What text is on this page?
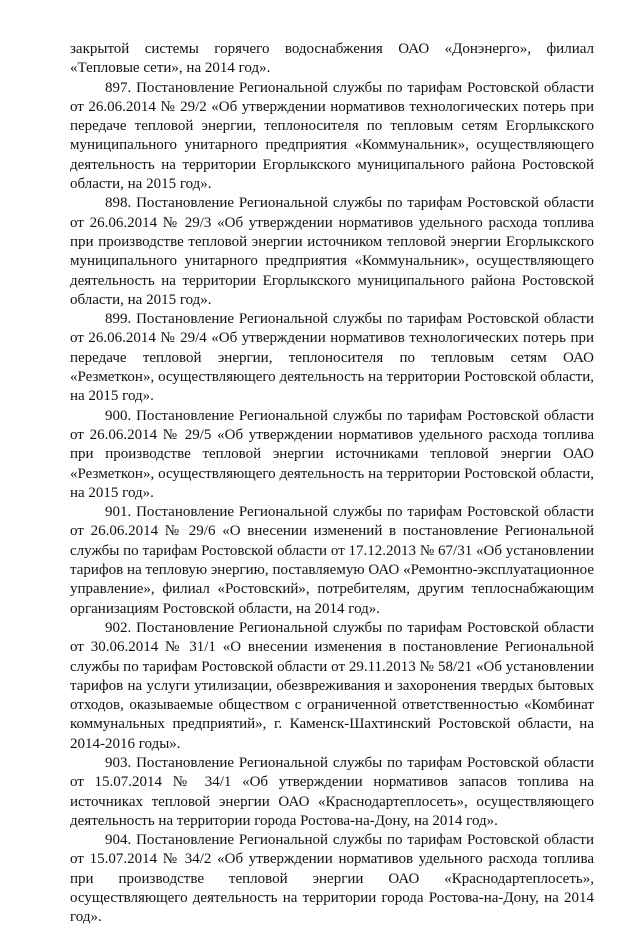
закрытой системы горячего водоснабжения ОАО «Донэнерго», филиал «Тепловые сети», на 2014 год».

897. Постановление Региональной службы по тарифам Ростовской области от 26.06.2014 № 29/2 «Об утверждении нормативов технологических потерь при передаче тепловой энергии, теплоносителя по тепловым сетям Егорлыкского муниципального унитарного предприятия «Коммунальник», осуществляющего деятельность на территории Егорлыкского муниципального района Ростовской области, на 2015 год».

898. Постановление Региональной службы по тарифам Ростовской области от 26.06.2014 № 29/3 «Об утверждении нормативов удельного расхода топлива при производстве тепловой энергии источником тепловой энергии Егорлыкского муниципального унитарного предприятия «Коммунальник», осуществляющего деятельность на территории Егорлыкского муниципального района Ростовской области, на 2015 год».

899. Постановление Региональной службы по тарифам Ростовской области от 26.06.2014 № 29/4 «Об утверждении нормативов технологических потерь при передаче тепловой энергии, теплоносителя по тепловым сетям ОАО «Резметкон», осуществляющего деятельность на территории Ростовской области, на 2015 год».

900. Постановление Региональной службы по тарифам Ростовской области от 26.06.2014 № 29/5 «Об утверждении нормативов удельного расхода топлива при производстве тепловой энергии источниками тепловой энергии ОАО «Резметкон», осуществляющего деятельность на территории Ростовской области, на 2015 год».

901. Постановление Региональной службы по тарифам Ростовской области от 26.06.2014 № 29/6 «О внесении изменений в постановление Региональной службы по тарифам Ростовской области от 17.12.2013 № 67/31 «Об установлении тарифов на тепловую энергию, поставляемую ОАО «Ремонтно-эксплуатационное управление», филиал «Ростовский», потребителям, другим теплоснабжающим организациям Ростовской области, на 2014 год».

902. Постановление Региональной службы по тарифам Ростовской области от 30.06.2014 № 31/1 «О внесении изменения в постановление Региональной службы по тарифам Ростовской области от 29.11.2013 № 58/21 «Об установлении тарифов на услуги утилизации, обезвреживания и захоронения твердых бытовых отходов, оказываемые обществом с ограниченной ответственностью «Комбинат коммунальных предприятий», г. Каменск-Шахтинский Ростовской области, на 2014-2016 годы».

903. Постановление Региональной службы по тарифам Ростовской области от 15.07.2014 № 34/1 «Об утверждении нормативов запасов топлива на источниках тепловой энергии ОАО «Краснодартеплосеть», осуществляющего деятельность на территории города Ростова-на-Дону, на 2014 год».

904. Постановление Региональной службы по тарифам Ростовской области от 15.07.2014 № 34/2 «Об утверждении нормативов удельного расхода топлива при производстве тепловой энергии ОАО «Краснодартеплосеть», осуществляющего деятельность на территории города Ростова-на-Дону, на 2014 год».
